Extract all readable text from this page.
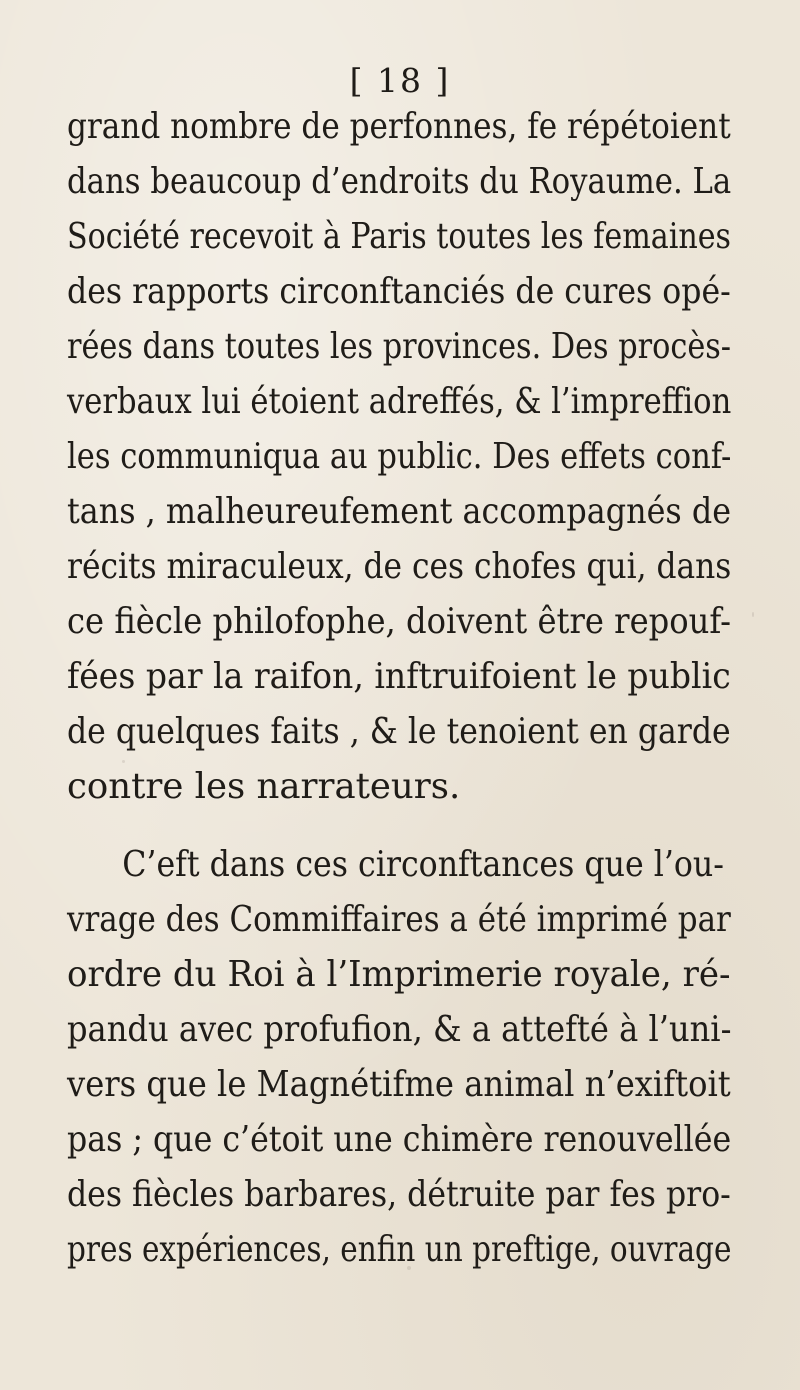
[ 18 ]
grand nombre de perfonnes, fe répétoient
dans beaucoup d’endroits du Royaume. La
Société recevoit à Paris toutes les femaines
des rapports circonftanciés de cures opé-
rées dans toutes les provinces. Des procès-
verbaux lui étoient adreffés, & l’impreffion
les communiqua au public. Des effets conf-
tans , malheureufement accompagnés de
récits miraculeux, de ces chofes qui, dans
ce fiècle philofophe, doivent être repouf-
fées par la raifon, inftruifoient le public
de quelques faits , & le tenoient en garde
contre les narrateurs.
C’eft dans ces circonftances que l’ou-
vrage des Commiffaires a été imprimé par
ordre du Roi à l’Imprimerie royale, ré-
pandu avec profufion, & a attefté à l’uni-
vers que le Magnétifme animal n’exiftoit
pas ; que c’étoit une chimère renouvellée
des fiècles barbares, détruite par fes pro-
pres expériences, enfin un preftige, ouvrage
